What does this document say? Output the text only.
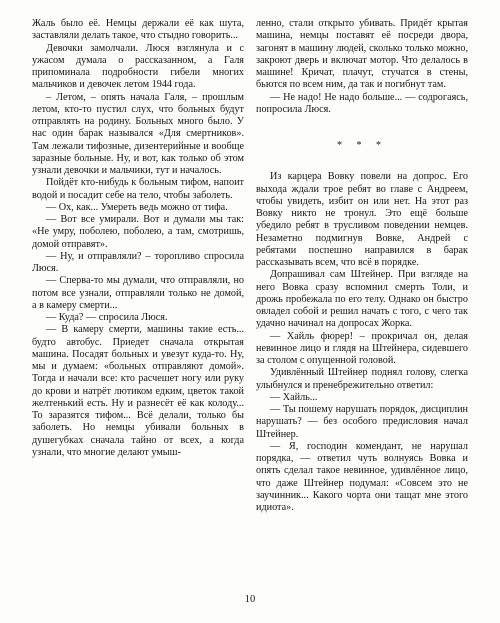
Жаль было её. Немцы держали её как шута, заставляли делать такое, что стыдно говорить...

Девочки замолчали. Люся взглянула и с ужасом думала о рассказанном, а Галя припоминала подробности гибели многих мальчиков и девочек летом 1944 года.

– Летом, – опять начала Галя, – прошлым летом, кто-то пустил слух, что больных будут отправлять на родину. Больных много было. У нас один барак назывался «Для смертников». Там лежали тифозные, дизентерийные и вообще заразные больные. Ну, и вот, как только об этом узнали девочки и мальчики, тут и началось.

Пойдёт кто-нибудь к больным тифом, напоит водой и посадит себе на тело, чтобы заболеть.

— Ох, как... Умереть ведь можно от тифа.

— Вот все умирали. Вот и думали мы так: «Не умру, поболею, поболею, а там, смотришь, домой отправят».

— Ну, и отправляли? – торопливо спросила Люся.

— Сперва-то мы думали, что отправляли, но потом все узнали, отправляли только не домой, а в камеру смерти...

— Куда? — спросила Люся.

— В камеру смерти, машины такие есть... будто автобус. Приедет сначала открытая машина. Посадят больных и увезут куда-то. Ну, мы и думаем: «больных отправляют домой». Тогда и начали все: кто расчешет ногу или руку до крови и натрёт лютиком едким, цветок такой желтенький есть. Ну и разнесёт её как колоду... То заразятся тифом... Всё делали, только бы заболеть. Но немцы убивали больных в душегубках сначала тайно от всех, а когда узнали, что многие делают умыш-

ленно, стали открыто убивать. Придёт крытая машина, немцы поставят её посреди двора, загонят в машину людей, сколько только можно, закроют дверь и включат мотор. Что делалось в машине! Кричат, плачут, стучатся в стены, бьются по всем ним, да так и погибнут там.

— Не надо! Не надо больше... — содрогаясь, попросила Люся.

* * *

Из карцера Вовку повели на допрос. Его выхода ждали трое ребят во главе с Андреем, чтобы увидеть, избит он или нет. На этот раз Вовку никто не тронул. Это ещё больше убедило ребят в трусливом поведении немцев. Незаметно подмигнув Вовке, Андрей с ребятами поспешно направился в барак рассказывать всем, что всё в порядке.

Допрашивал сам Штейнер. При взгляде на него Вовка сразу вспомнил смерть Толи, и дрожь пробежала по его телу. Однако он быстро овладел собой и решил начать с того, с чего так удачно начинал на допросах Жорка.

— Хайль фюрер! – прокричал он, делая невинное лицо и глядя на Штейнера, сидевшего за столом с опущенной головой.

Удивлённый Штейнер поднял голову, слегка улыбнулся и пренебрежительно ответил:

— Хайль...

— Ты пошему нарушать порядок, дисциплин нарушать? — без особого предисловия начал Штейнер.

— Я, господин комендант, не нарушал порядка, — ответил чуть волнуясь Вовка и опять сделал такое невинное, удивлённое лицо, что даже Штейнер подумал: «Совсем это не заучинник... Какого чорта они тащат мне этого идиота».

10
